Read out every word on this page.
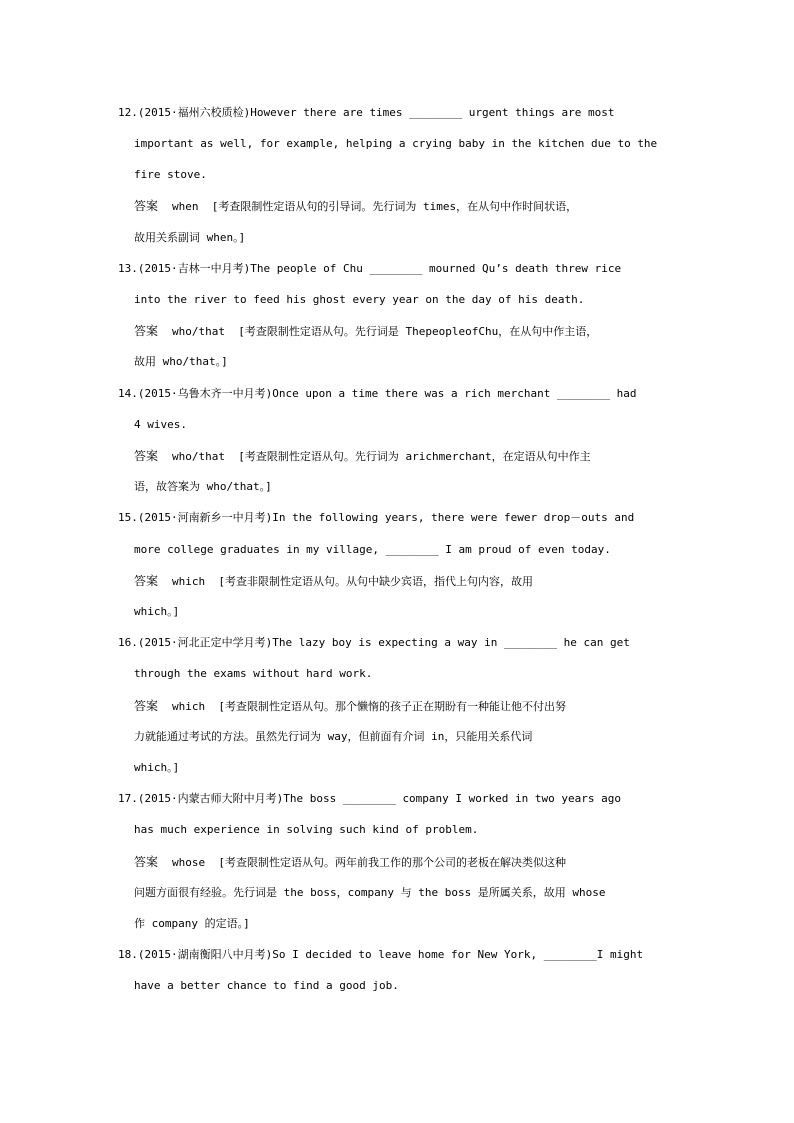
12.(2015·福州六校质检)However there are times ________ urgent things are most
important as well, for example, helping a crying baby in the kitchen due to the
fire stove.
答案 when  [考查限制性定语从句的引导词。先行词为 times，在从句中作时间状语，
故用关系副词 when。]
13.(2015·吉林一中月考)The people of Chu ________ mourned Qu’s death threw rice
into the river to feed his ghost every year on the day of his death.
答案 who/that  [考查限制性定语从句。先行词是 ThepeopleofChu，在从句中作主语，
故用 who/that。]
14.(2015·乌鲁木齐一中月考)Once upon a time there was a rich merchant ________ had
4 wives.
答案 who/that  [考查限制性定语从句。先行词为 arichmerchant，在定语从句中作主
语，故答案为 who/that。]
15.(2015·河南新乡一中月考)In the following years, there were fewer drop－outs and
more college graduates in my village, ________ I am proud of even today.
答案 which  [考查非限制性定语从句。从句中缺少宾语，指代上句内容，故用
which。]
16.(2015·河北正定中学月考)The lazy boy is expecting a way in ________ he can get
through the exams without hard work.
答案 which  [考查限制性定语从句。那个懒惰的孩子正在期盼有一种能让他不付出努
力就能通过考试的方法。虽然先行词为 way，但前面有介词 in，只能用关系代词
which。]
17.(2015·内蒙古师大附中月考)The boss ________ company I worked in two years ago
has much experience in solving such kind of problem.
答案 whose  [考查限制性定语从句。两年前我工作的那个公司的老板在解决类似这种
问题方面很有经验。先行词是 the boss，company 与 the boss 是所属关系，故用 whose
作 company 的定语。]
18.(2015·湖南衡阳八中月考)So I decided to leave home for New York, ________I might
have a better chance to find a good job.
